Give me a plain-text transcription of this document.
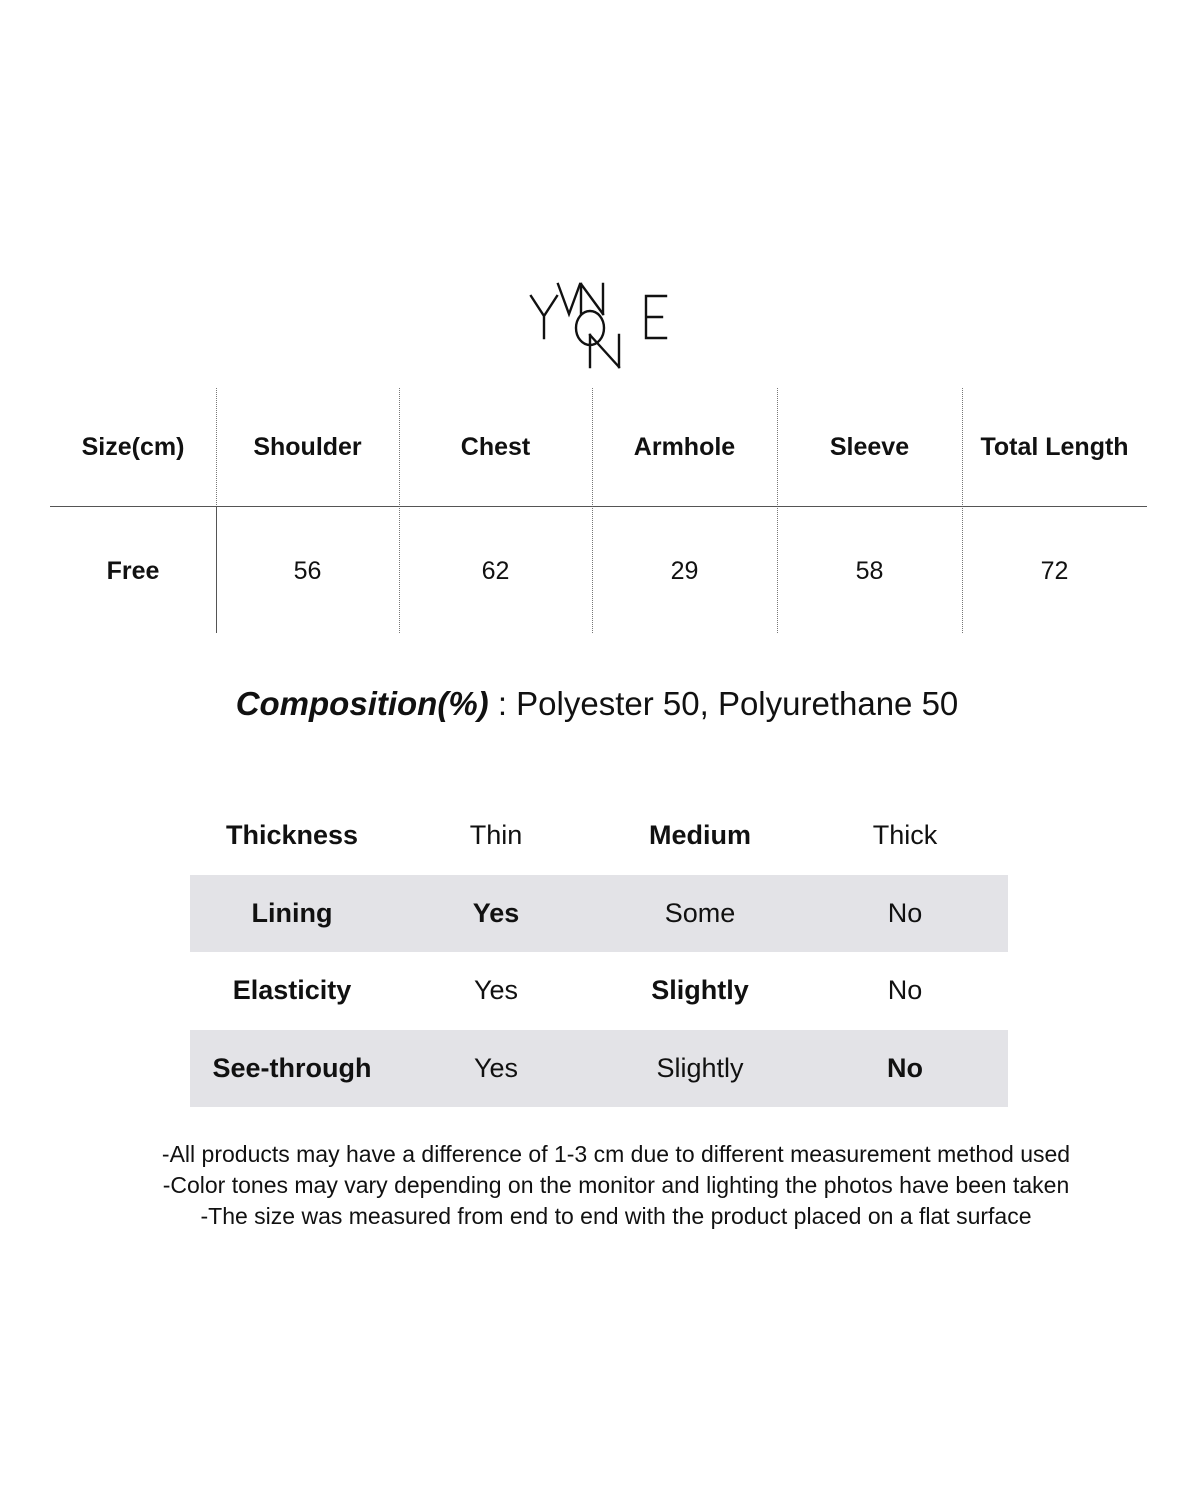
Size(cm)	Shoulder	Chest	Armhole	Sleeve	Total Length
Free	56	62	29	58	72
Composition(%) : Polyester 50, Polyurethane 50
Thickness	Thin	Medium	Thick
Lining	Yes	Some	No
Elasticity	Yes	Slightly	No
See-through	Yes	Slightly	No
-All products may have a difference of 1-3 cm due to different measurement method used
-Color tones may vary depending on the monitor and lighting the photos have been taken
-The size was measured from end to end with the product placed on a flat surface
